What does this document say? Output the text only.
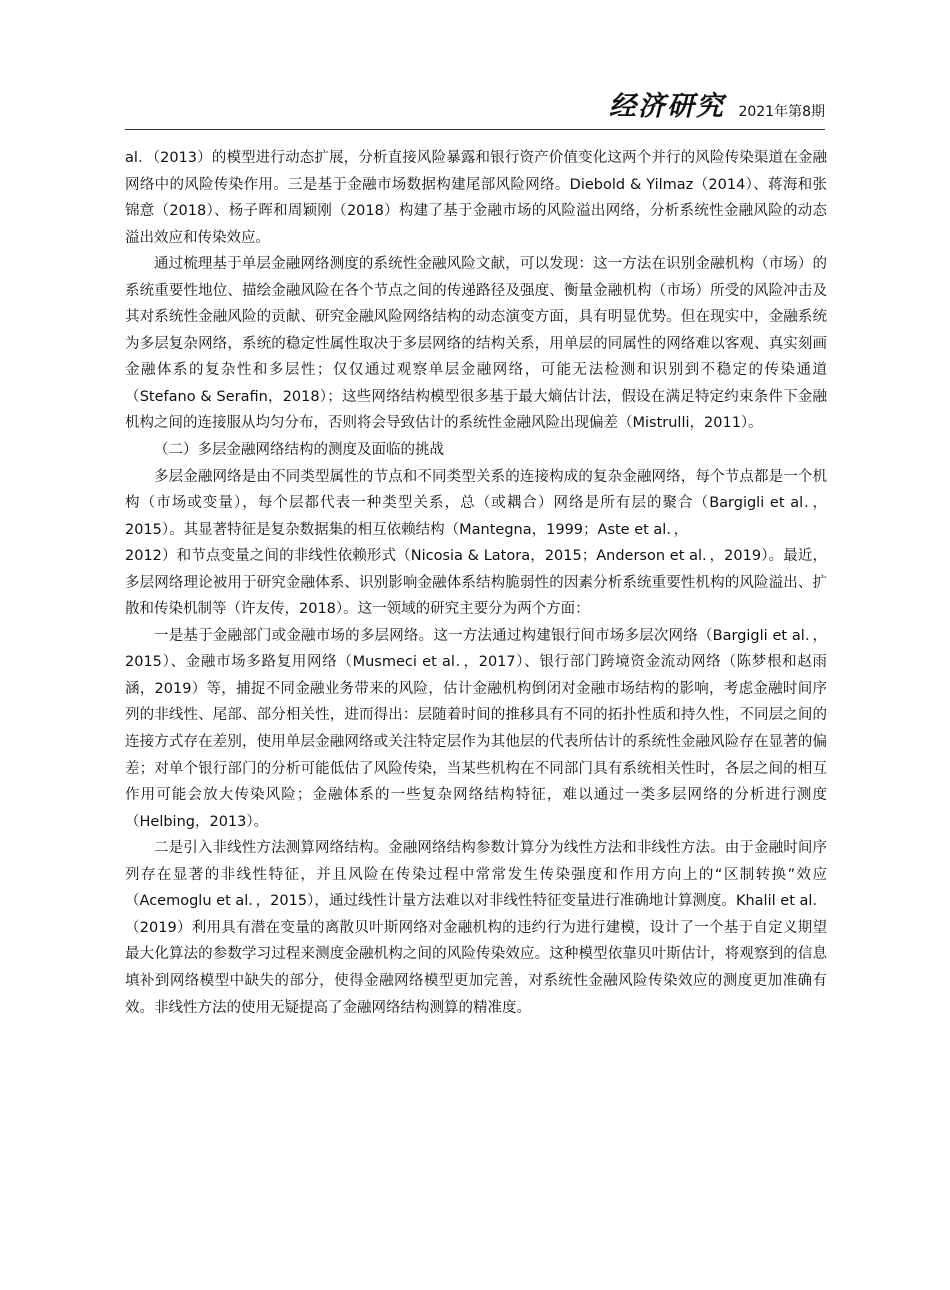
经济研究 2021年第8期

al．（2013）的模型进行动态扩展，分析直接风险暴露和银行资产价值变化这两个并行的风险传染渠道在金融网络中的风险传染作用。三是基于金融市场数据构建尾部风险网络。Diebold & Yilmaz（2014）、蒋海和张锦意（2018）、杨子晖和周颖刚（2018）构建了基于金融市场的风险溢出网络，分析系统性金融风险的动态溢出效应和传染效应。

通过梳理基于单层金融网络测度的系统性金融风险文献，可以发现：这一方法在识别金融机构（市场）的系统重要性地位、描绘金融风险在各个节点之间的传递路径及强度、衡量金融机构（市场）所受的风险冲击及其对系统性金融风险的贡献、研究金融风险网络结构的动态演变方面，具有明显优势。但在现实中，金融系统为多层复杂网络，系统的稳定性属性取决于多层网络的结构关系，用单层的同属性的网络难以客观、真实刻画金融体系的复杂性和多层性；仅仅通过观察单层金融网络，可能无法检测和识别到不稳定的传染通道（Stefano & Serafin，2018）；这些网络结构模型很多基于最大熵估计法，假设在满足特定约束条件下金融机构之间的连接服从均匀分布，否则将会导致估计的系统性金融风险出现偏差（Mistrulli，2011）。

（二）多层金融网络结构的测度及面临的挑战

多层金融网络是由不同类型属性的节点和不同类型关系的连接构成的复杂金融网络，每个节点都是一个机构（市场或变量），每个层都代表一种类型关系，总（或耦合）网络是所有层的聚合（Bargigli et al．，2015）。其显著特征是复杂数据集的相互依赖结构（Mantegna，1999；Aste et al．，

2012）和节点变量之间的非线性依赖形式（Nicosia & Latora，2015；Anderson et al．，2019）。最近，多层网络理论被用于研究金融体系、识别影响金融体系结构脆弱性的因素分析系统重要性机构的风险溢出、扩散和传染机制等（许友传，2018）。这一领域的研究主要分为两个方面：

一是基于金融部门或金融市场的多层网络。这一方法通过构建银行间市场多层次网络（Bargigli et al．，2015）、金融市场多路复用网络（Musmeci et al．，2017）、银行部门跨境资金流动网络（陈梦根和赵雨涵，2019）等，捕捉不同金融业务带来的风险，估计金融机构倒闭对金融市场结构的影响，考虑金融时间序列的非线性、尾部、部分相关性，进而得出：层随着时间的推移具有不同的拓扑性质和持久性，不同层之间的连接方式存在差别，使用单层金融网络或关注特定层作为其他层的代表所估计的系统性金融风险存在显著的偏差；对单个银行部门的分析可能低估了风险传染，当某些机构在不同部门具有系统相关性时，各层之间的相互作用可能会放大传染风险；金融体系的一些复杂网络结构特征，难以通过一类多层网络的分析进行测度（Helbing，2013）。

二是引入非线性方法测算网络结构。金融网络结构参数计算分为线性方法和非线性方法。由于金融时间序列存在显著的非线性特征，并且风险在传染过程中常常发生传染强度和作用方向上的“区制转换”效应（Acemoglu et al．，2015），通过线性计量方法难以对非线性特征变量进行准确地计算测度。Khalil et al．（2019）利用具有潜在变量的离散贝叶斯网络对金融机构的违约行为进行建模，设计了一个基于自定义期望最大化算法的参数学习过程来测度金融机构之间的风险传染效应。这种模型依靠贝叶斯估计，将观察到的信息填补到网络模型中缺失的部分，使得金融网络模型更加完善，对系统性金融风险传染效应的测度更加准确有效。非线性方法的使用无疑提高了金融网络结构测算的精准度。
